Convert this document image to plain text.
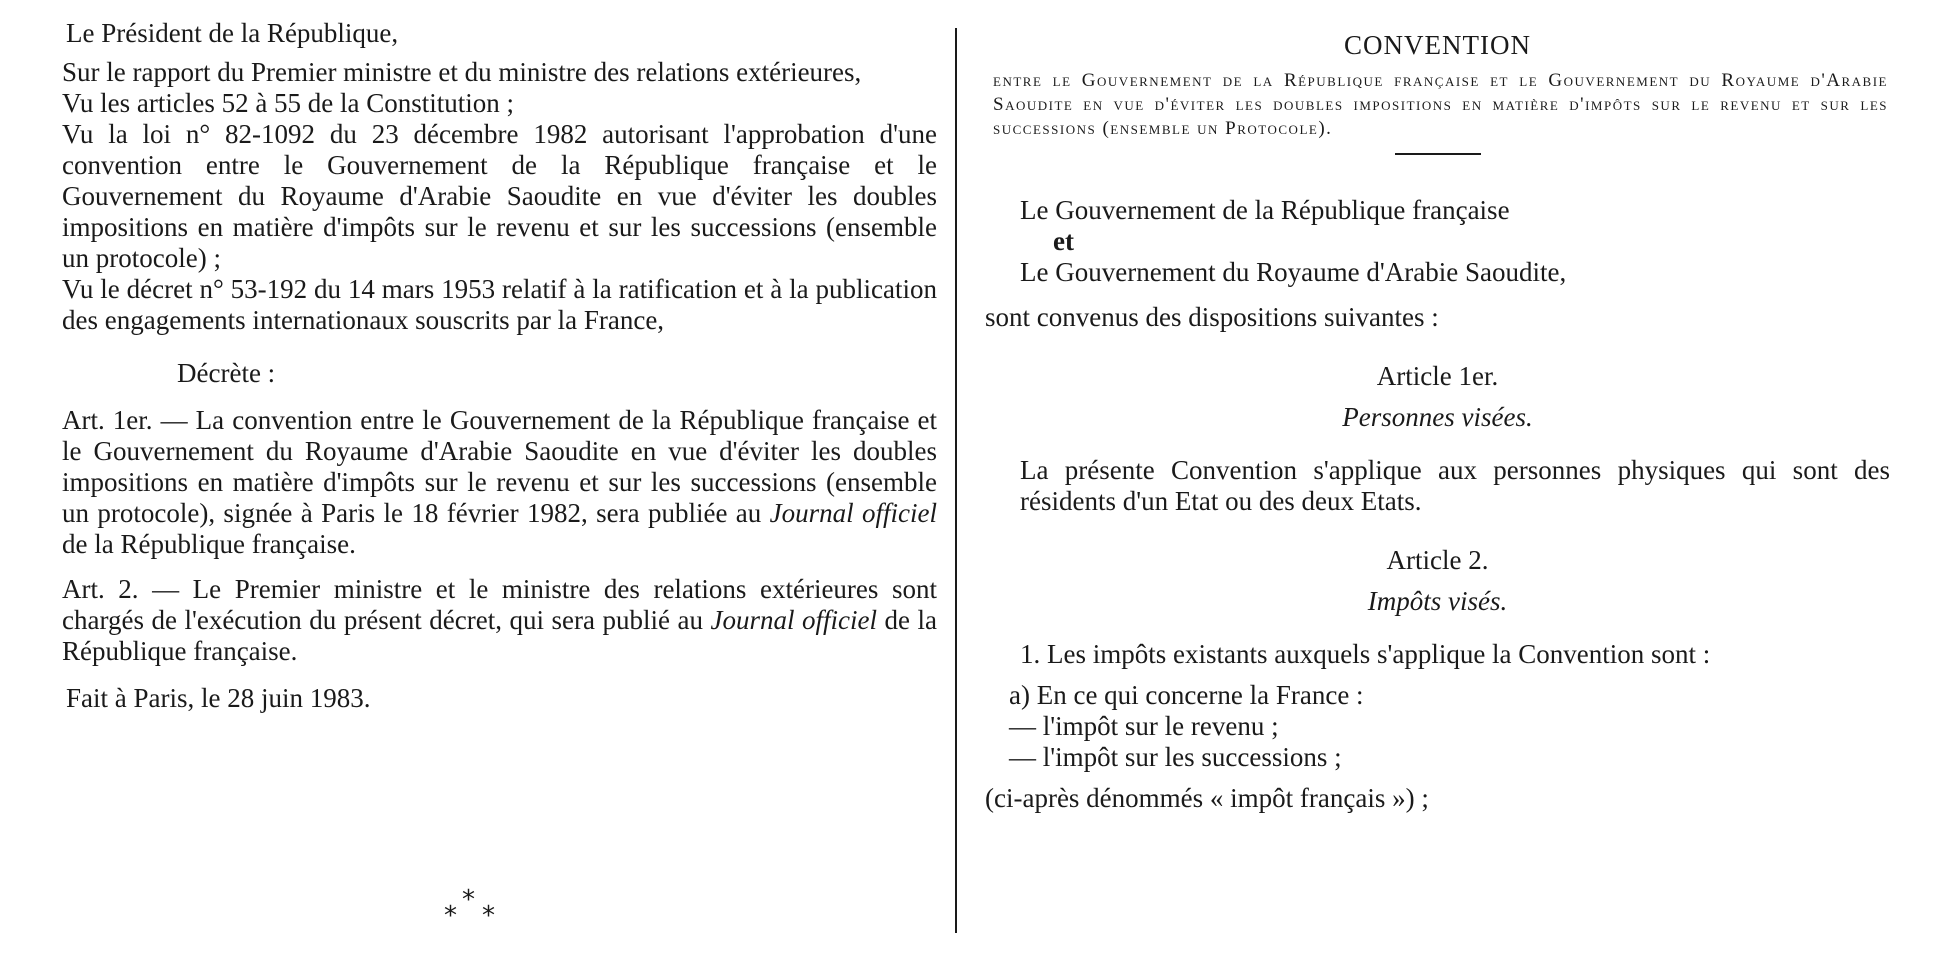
Le Président de la République,

Sur le rapport du Premier ministre et du ministre des relations extérieures,

Vu les articles 52 à 55 de la Constitution ;

Vu la loi n° 82-1092 du 23 décembre 1982 autorisant l'approbation d'une convention entre le Gouvernement de la République française et le Gouvernement du Royaume d'Arabie Saoudite en vue d'éviter les doubles impositions en matière d'impôts sur le revenu et sur les successions (ensemble un protocole) ;

Vu le décret n° 53-192 du 14 mars 1953 relatif à la ratification et à la publication des engagements internationaux souscrits par la France,

Décrète :

Art. 1er. — La convention entre le Gouvernement de la République française et le Gouvernement du Royaume d'Arabie Saoudite en vue d'éviter les doubles impositions en matière d'impôts sur le revenu et sur les successions (ensemble un protocole), signée à Paris le 18 février 1982, sera publiée au Journal officiel de la République française.

Art. 2. — Le Premier ministre et le ministre des relations extérieures sont chargés de l'exécution du présent décret, qui sera publié au Journal officiel de la République française.

Fait à Paris, le 28 juin 1983.

*
* *

CONVENTION

entre le Gouvernement de la République française et le Gouvernement du Royaume d'Arabie Saoudite en vue d'éviter les doubles impositions en matière d'impôts sur le revenu et sur les successions (ensemble un Protocole).

Le Gouvernement de la République française

et

Le Gouvernement du Royaume d'Arabie Saoudite,

sont convenus des dispositions suivantes :

Article 1er.

Personnes visées.

La présente Convention s'applique aux personnes physiques qui sont des résidents d'un Etat ou des deux Etats.

Article 2.

Impôts visés.

1. Les impôts existants auxquels s'applique la Convention sont :

a) En ce qui concerne la France :

— l'impôt sur le revenu ;

— l'impôt sur les successions ;

(ci-après dénommés « impôt français ») ;
